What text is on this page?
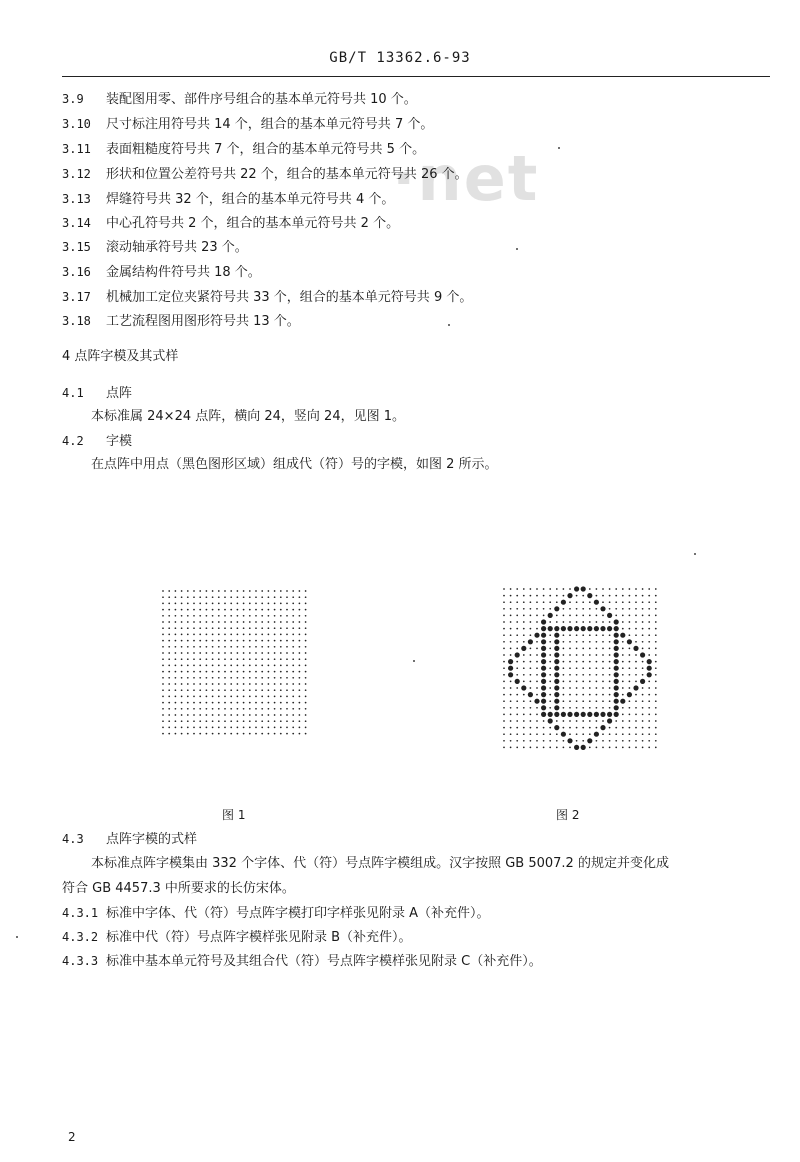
GB/T 13362.6-93
·net
3.9 装配图用零、部件序号组合的基本单元符号共 10 个。
3.10 尺寸标注用符号共 14 个，组合的基本单元符号共 7 个。
3.11 表面粗糙度符号共 7 个，组合的基本单元符号共 5 个。
3.12 形状和位置公差符号共 22 个，组合的基本单元符号共 26 个。
3.13 焊缝符号共 32 个，组合的基本单元符号共 4 个。
3.14 中心孔符号共 2 个，组合的基本单元符号共 2 个。
3.15 滚动轴承符号共 23 个。
3.16 金属结构件符号共 18 个。
3.17 机械加工定位夹紧符号共 33 个，组合的基本单元符号共 9 个。
3.18 工艺流程图用图形符号共 13 个。
4 点阵字模及其式样
4.1 点阵
本标准属 24×24 点阵，横向 24，竖向 24，见图 1。
4.2 字模
在点阵中用点（黑色图形区域）组成代（符）号的字模，如图 2 所示。
图 1	图 2
4.3 点阵字模的式样
本标准点阵字模集由 332 个字体、代（符）号点阵字模组成。汉字按照 GB 5007.2 的规定并变化成
符合 GB 4457.3 中所要求的长仿宋体。
4.3.1 标准中字体、代（符）号点阵字模打印字样张见附录 A（补充件）。
4.3.2 标准中代（符）号点阵字模样张见附录 B（补充件）。
4.3.3 标准中基本单元符号及其组合代（符）号点阵字模样张见附录 C（补充件）。
2
